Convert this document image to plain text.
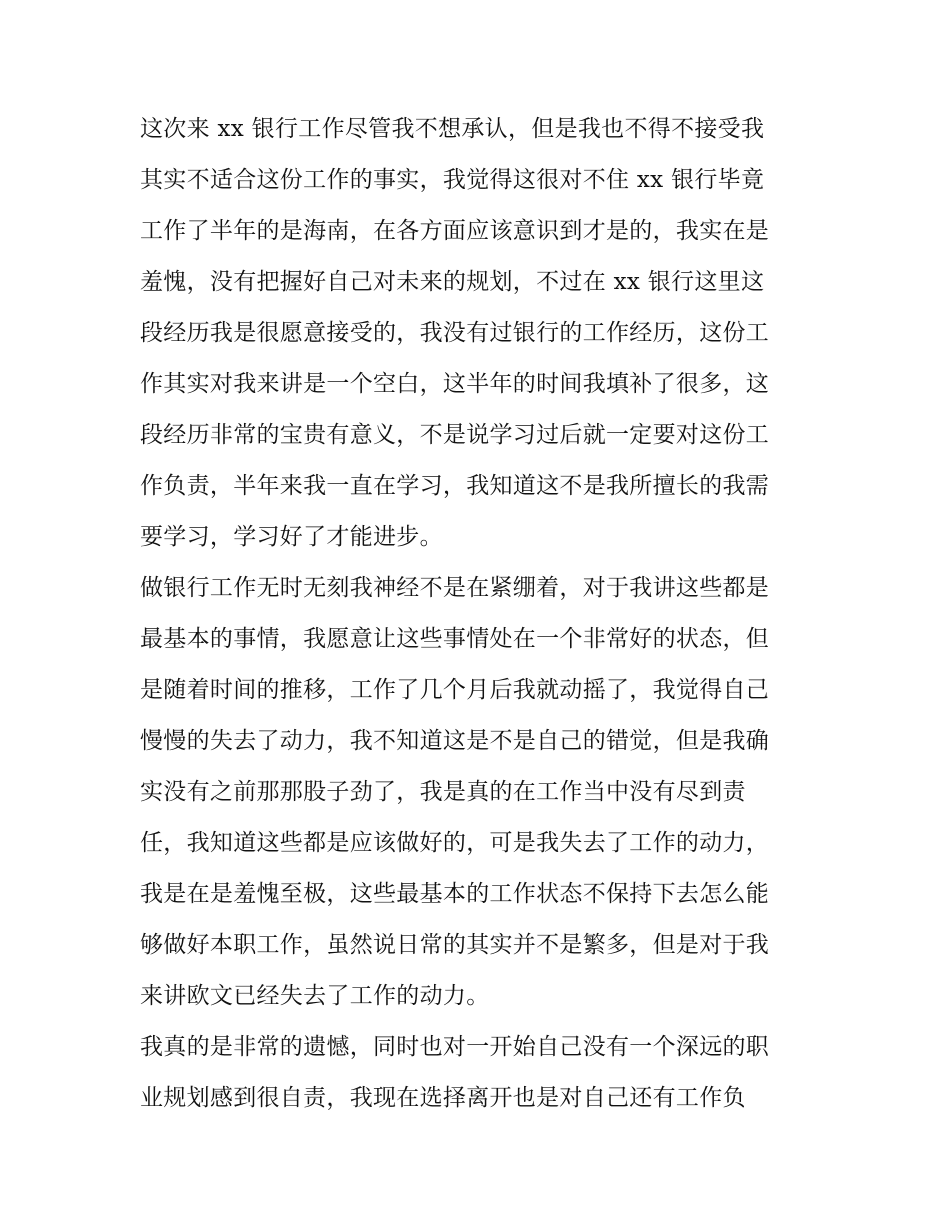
这次来 xx 银行工作尽管我不想承认，但是我也不得不接受我
其实不适合这份工作的事实，我觉得这很对不住 xx 银行毕竟
工作了半年的是海南，在各方面应该意识到才是的，我实在是
羞愧，没有把握好自己对未来的规划，不过在 xx 银行这里这
段经历我是很愿意接受的，我没有过银行的工作经历，这份工
作其实对我来讲是一个空白，这半年的时间我填补了很多，这
段经历非常的宝贵有意义，不是说学习过后就一定要对这份工
作负责，半年来我一直在学习，我知道这不是我所擅长的我需
要学习，学习好了才能进步。
做银行工作无时无刻我神经不是在紧绷着，对于我讲这些都是
最基本的事情，我愿意让这些事情处在一个非常好的状态，但
是随着时间的推移，工作了几个月后我就动摇了，我觉得自己
慢慢的失去了动力，我不知道这是不是自己的错觉，但是我确
实没有之前那那股子劲了，我是真的在工作当中没有尽到责
任，我知道这些都是应该做好的，可是我失去了工作的动力，
我是在是羞愧至极，这些最基本的工作状态不保持下去怎么能
够做好本职工作，虽然说日常的其实并不是繁多，但是对于我
来讲欧文已经失去了工作的动力。
我真的是非常的遗憾，同时也对一开始自己没有一个深远的职
业规划感到很自责，我现在选择离开也是对自己还有工作负
